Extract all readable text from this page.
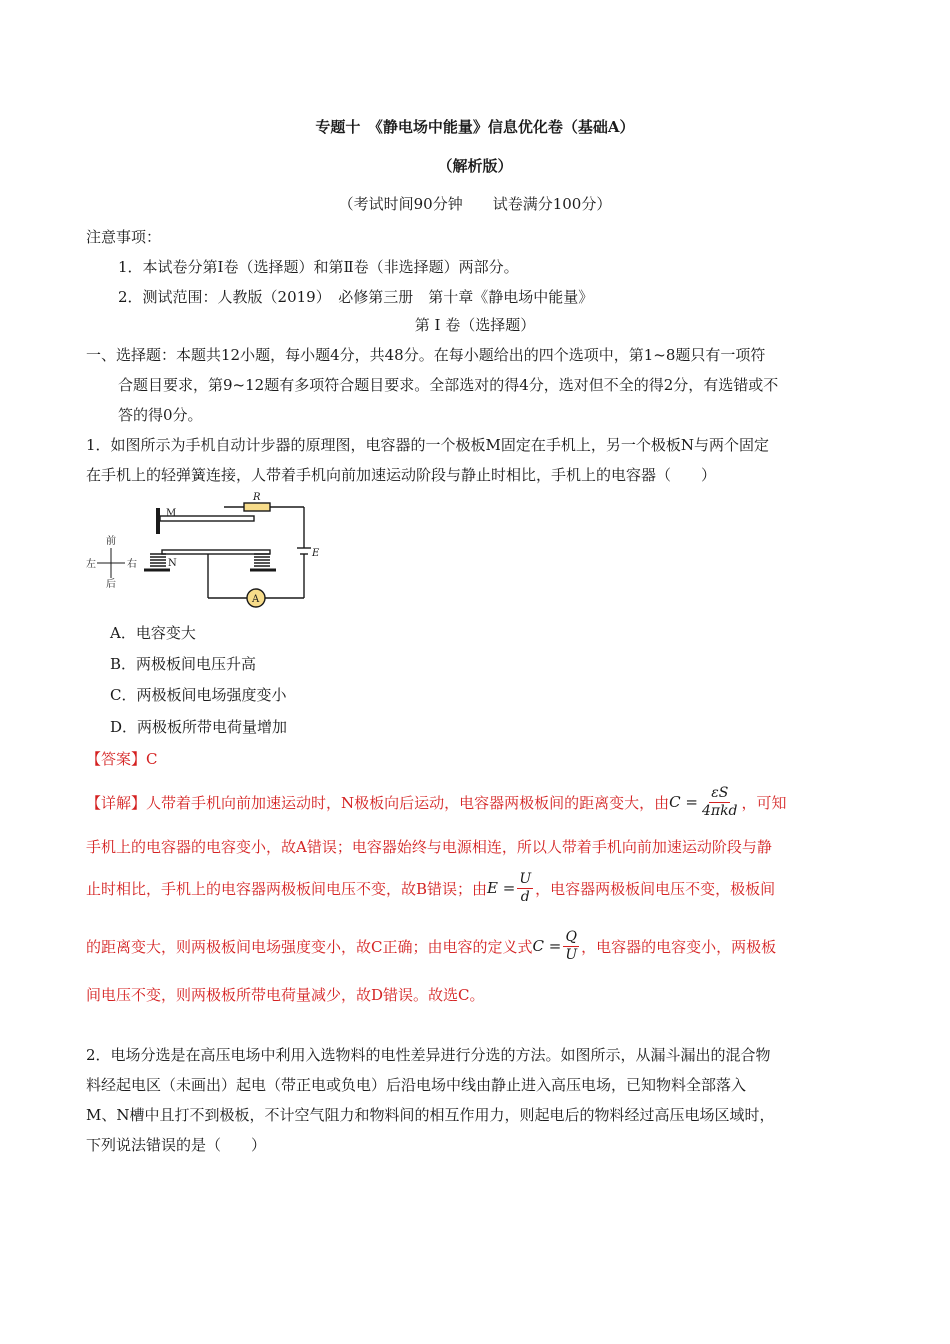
专题十　《静电场中能量》信息优化卷（基础A）
（解析版）
（考试时间90分钟　　试卷满分100分）
注意事项：
1．本试卷分第Ⅰ卷（选择题）和第Ⅱ卷（非选择题）两部分。
2．测试范围：人教版（2019）　必修第三册　第十章《静电场中能量》
第 Ⅰ 卷（选择题）
一、选择题：本题共12小题，每小题4分，共48分。在每小题给出的四个选项中，第1~8题只有一项符
合题目要求，第9~12题有多项符合题目要求。全部选对的得4分，选对但不全的得2分，有选错或不
答的得0分。
1．如图所示为手机自动计步器的原理图，电容器的一个极板M固定在手机上，另一个极板N与两个固定
在手机上的轻弹簧连接，人带着手机向前加速运动阶段与静止时相比，手机上的电容器（　　）
M
N
R
E
A
前
后
左	右
A．电容变大
B．两极板间电压升高
C．两极板间电场强度变小
D．两极板所带电荷量增加
【答案】C
【详解】人带着手机向前加速运动时，N极板向后运动，电容器两极板间的距离变大，由 $C = \frac{\varepsilon S}{\text{4πkd}}$ ，可知
手机上的电容器的电容变小，故A错误；电容器始终与电源相连，所以人带着手机向前加速运动阶段与静
止时相比，手机上的电容器两极板间电压不变，故B错误；由 $E = \frac{U}{d}$ ，电容器两极板间电压不变，极板间
的距离变大，则两极板间电场强度变小，故C正确；由电容的定义式 $C = \frac{Q}{U}$ ，电容器的电容变小，两极板
间电压不变，则两极板所带电荷量减少，故D错误。故选C。
2．电场分选是在高压电场中利用入选物料的电性差异进行分选的方法。如图所示，从漏斗漏出的混合物
料经起电区（未画出）起电（带正电或负电）后沿电场中线由静止进入高压电场，已知物料全部落入
M、N槽中且打不到极板，不计空气阻力和物料间的相互作用力，则起电后的物料经过高压电场区域时，
下列说法错误的是（　　）
